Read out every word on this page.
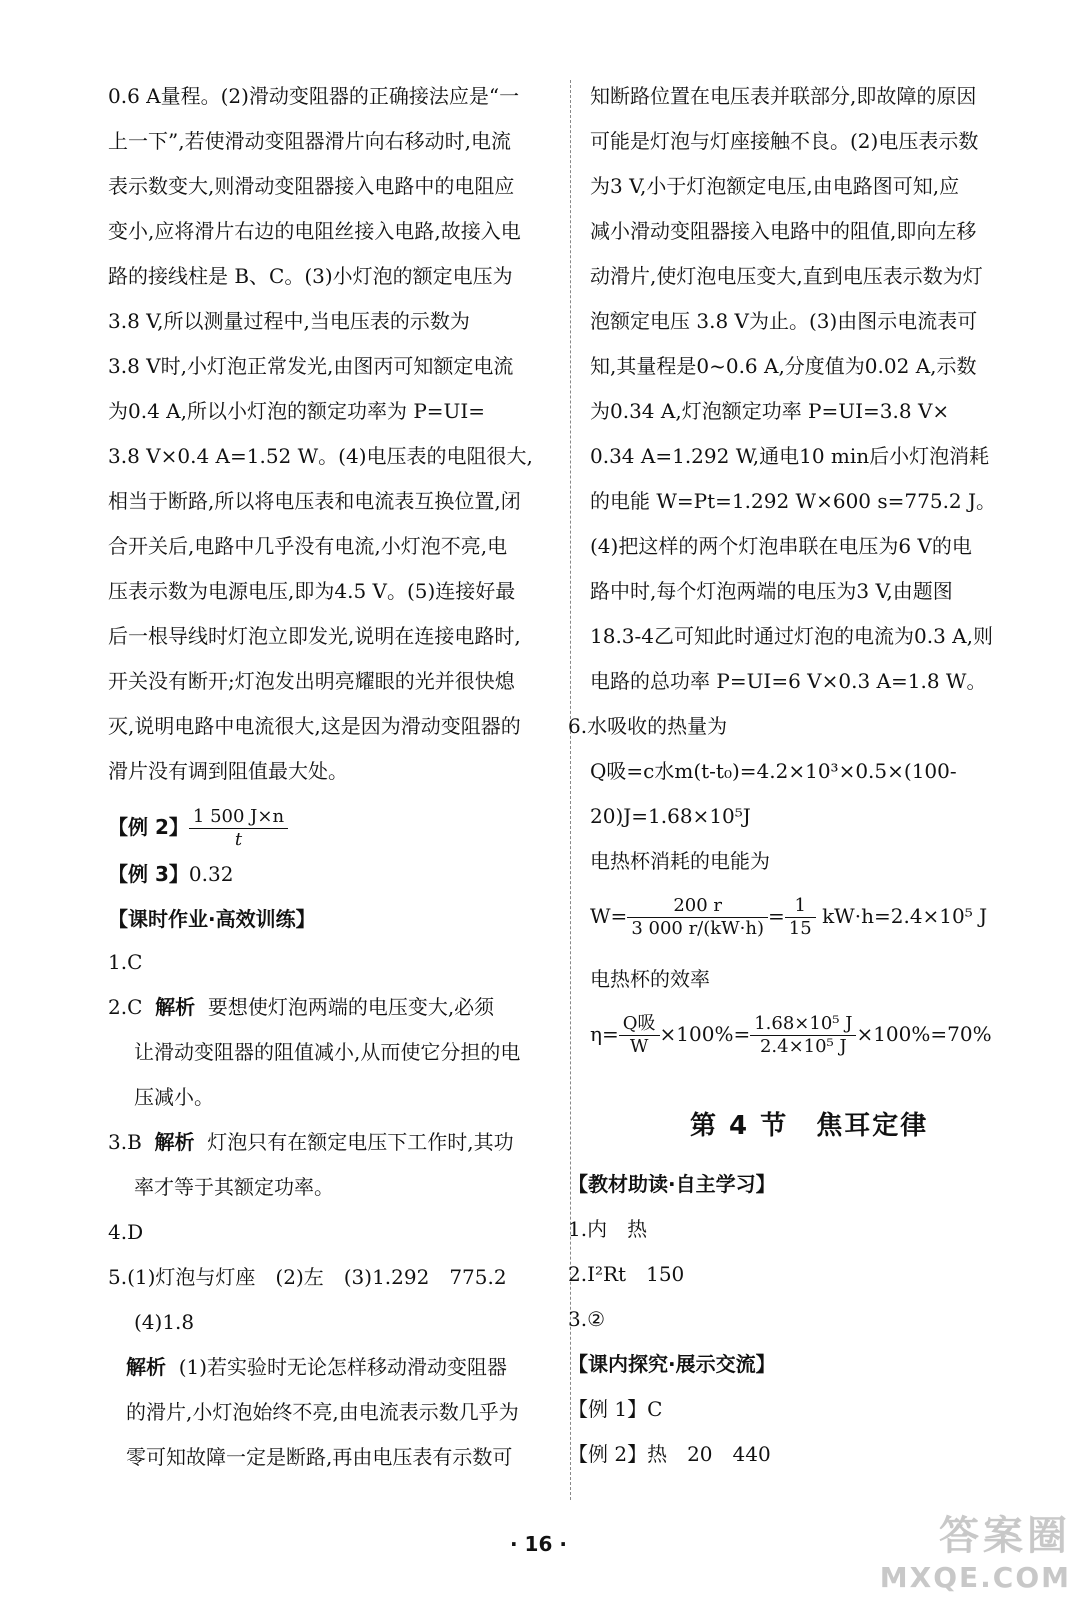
0.6 A量程。(2)滑动变阻器的正确接法应是“一
上一下”,若使滑动变阻器滑片向右移动时,电流
表示数变大,则滑动变阻器接入电路中的电阻应
变小,应将滑片右边的电阻丝接入电路,故接入电
路的接线柱是 B、C。(3)小灯泡的额定电压为
3.8 V,所以测量过程中,当电压表的示数为
3.8 V时,小灯泡正常发光,由图丙可知额定电流
为0.4 A,所以小灯泡的额定功率为 P=UI=
3.8 V×0.4 A=1.52 W。(4)电压表的电阻很大,
相当于断路,所以将电压表和电流表互换位置,闭
合开关后,电路中几乎没有电流,小灯泡不亮,电
压表示数为电源电压,即为4.5 V。(5)连接好最
后一根导线时灯泡立即发光,说明在连接电路时,
开关没有断开;灯泡发出明亮耀眼的光并很快熄
灭,说明电路中电流很大,这是因为滑动变阻器的
滑片没有调到阻值最大处。
【例 2】 $\frac{1 500 J\times n}{t}$
【例 3】0.32
【课时作业·高效训练】
1.C
2.C 解析 要想使灯泡两端的电压变大,必须
让滑动变阻器的阻值减小,从而使它分担的电
压减小。
3.B 解析 灯泡只有在额定电压下工作时,其功
率才等于其额定功率。
4.D
5.(1)灯泡与灯座　(2)左　(3)1.292　775.2
(4)1.8
解析 (1)若实验时无论怎样移动滑动变阻器
的滑片,小灯泡始终不亮,由电流表示数几乎为
零可知故障一定是断路,再由电压表有示数可
知断路位置在电压表并联部分,即故障的原因
可能是灯泡与灯座接触不良。(2)电压表示数
为3 V,小于灯泡额定电压,由电路图可知,应
减小滑动变阻器接入电路中的阻值,即向左移
动滑片,使灯泡电压变大,直到电压表示数为灯
泡额定电压 3.8 V为止。(3)由图示电流表可
知,其量程是0~0.6 A,分度值为0.02 A,示数
为0.34 A,灯泡额定功率 P=UI=3.8 V×
0.34 A=1.292 W,通电10 min后小灯泡消耗
的电能 W=Pt=1.292 W×600 s=775.2 J。
(4)把这样的两个灯泡串联在电压为6 V的电
路中时,每个灯泡两端的电压为3 V,由题图
18.3-4乙可知此时通过灯泡的电流为0.3 A,则
电路的总功率 P=UI=6 V×0.3 A=1.8 W。
6.水吸收的热量为
Q吸=c水m(t-t₀)=4.2×10³×0.5×(100-
20)J=1.68×10⁵J
电热杯消耗的电能为
$W= \frac{200 r}{3 000 r/(kW\cdot h)} = \frac{1}{15} kW\cdot h=2.4\times 10^5$ J
电热杯的效率
$\eta= \frac{\text{Q吸}}{W} \times 100\%= \frac{\text{1.68×10⁵ J}}{\text{2.4×10⁵ J}} \times 100\%=70\%$
【教材助读·自主学习】
1.内　热
2.I²Rt　150
3.②
【课内探究·展示交流】
【例 1】C
【例 2】热　20　440
第 4 节　焦耳定律
· 16 ·	答案圈
MXQE.COM
